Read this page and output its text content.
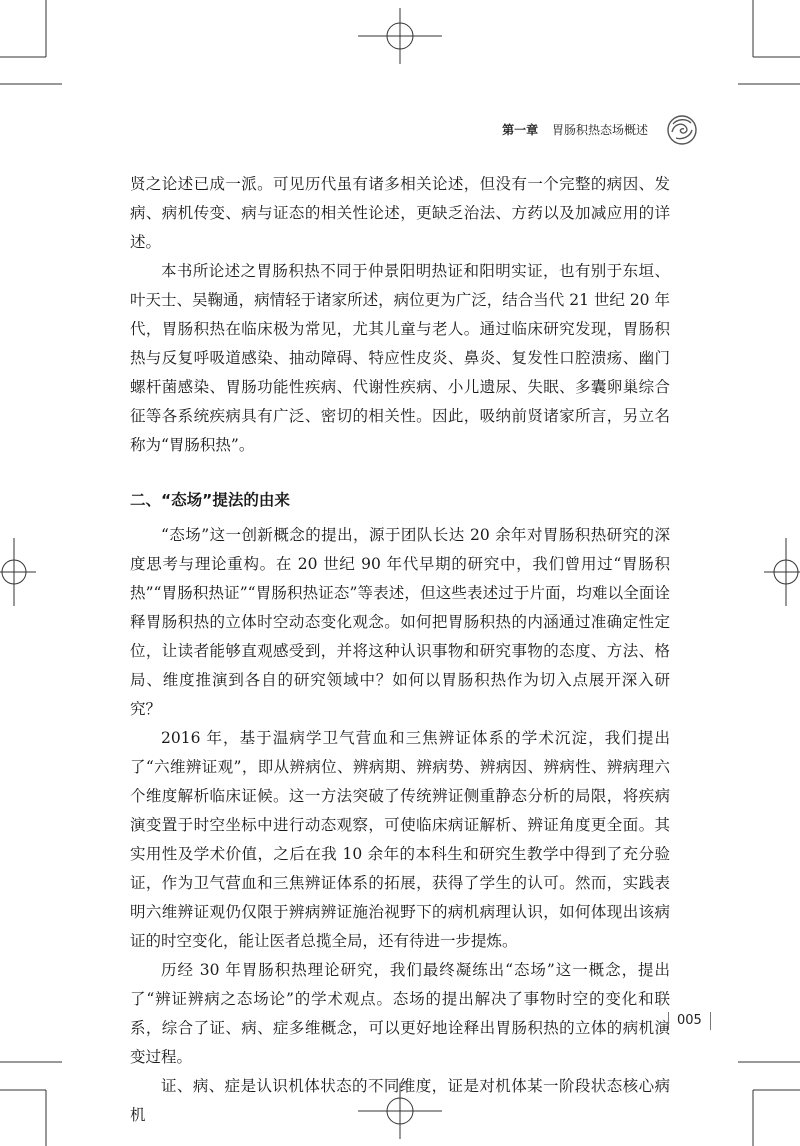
第一章 胃肠积热态场概述

贤之论述已成一派。可见历代虽有诸多相关论述，但没有一个完整的病因、发病、病机传变、病与证态的相关性论述，更缺乏治法、方药以及加减应用的详述。

本书所论述之胃肠积热不同于仲景阳明热证和阳明实证，也有别于东垣、叶天士、吴鞠通，病情轻于诸家所述，病位更为广泛，结合当代 21 世纪 20 年代，胃肠积热在临床极为常见，尤其儿童与老人。通过临床研究发现，胃肠积热与反复呼吸道感染、抽动障碍、特应性皮炎、鼻炎、复发性口腔溃疡、幽门螺杆菌感染、胃肠功能性疾病、代谢性疾病、小儿遗尿、失眠、多囊卵巢综合征等各系统疾病具有广泛、密切的相关性。因此，吸纳前贤诸家所言，另立名称为“胃肠积热”。

二、“态场”提法的由来

“态场”这一创新概念的提出，源于团队长达 20 余年对胃肠积热研究的深度思考与理论重构。在 20 世纪 90 年代早期的研究中，我们曾用过“胃肠积热”“胃肠积热证”“胃肠积热证态”等表述，但这些表述过于片面，均难以全面诠释胃肠积热的立体时空动态变化观念。如何把胃肠积热的内涵通过准确定性定位，让读者能够直观感受到，并将这种认识事物和研究事物的态度、方法、格局、维度推演到各自的研究领域中？如何以胃肠积热作为切入点展开深入研究？

2016 年，基于温病学卫气营血和三焦辨证体系的学术沉淀，我们提出了“六维辨证观”，即从辨病位、辨病期、辨病势、辨病因、辨病性、辨病理六个维度解析临床证候。这一方法突破了传统辨证侧重静态分析的局限，将疾病演变置于时空坐标中进行动态观察，可使临床病证解析、辨证角度更全面。其实用性及学术价值，之后在我 10 余年的本科生和研究生教学中得到了充分验证，作为卫气营血和三焦辨证体系的拓展，获得了学生的认可。然而，实践表明六维辨证观仍仅限于辨病辨证施治视野下的病机病理认识，如何体现出该病证的时空变化，能让医者总揽全局，还有待进一步提炼。

历经 30 年胃肠积热理论研究，我们最终凝练出“态场”这一概念，提出了“辨证辨病之态场论”的学术观点。态场的提出解决了事物时空的变化和联系，综合了证、病、症多维概念，可以更好地诠释出胃肠积热的立体的病机演变过程。

证、病、症是认识机体状态的不同维度，证是对机体某一阶段状态核心病机

005
